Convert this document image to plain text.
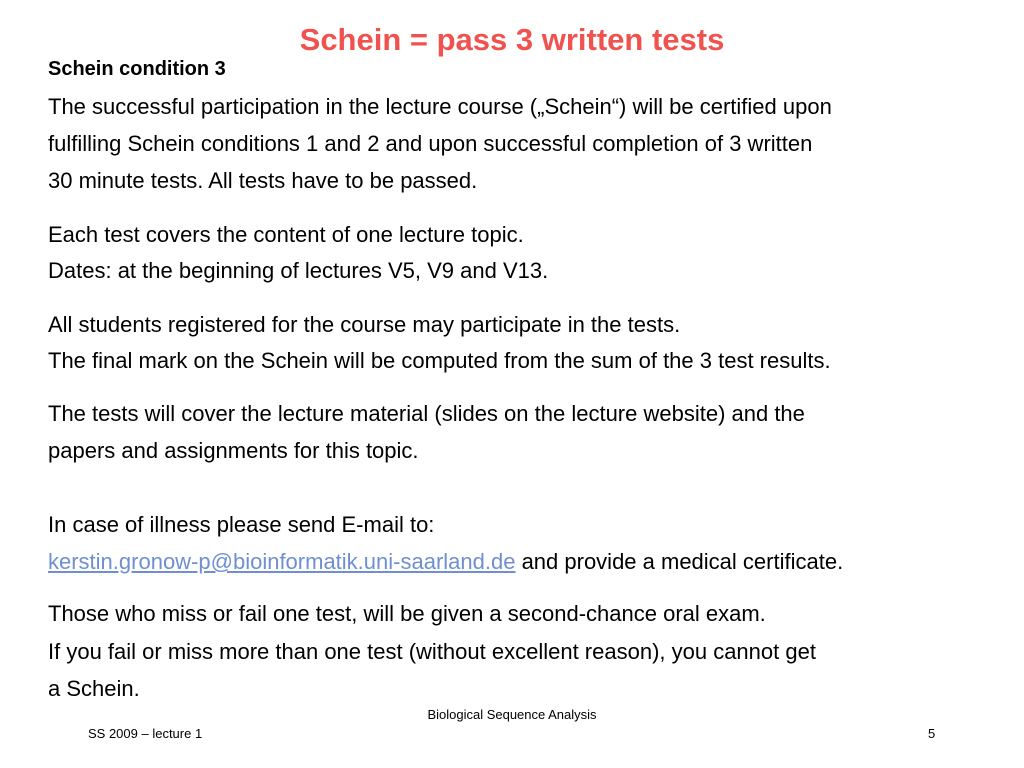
Schein = pass 3 written tests
Schein condition 3
The successful participation in the lecture course („Schein“) will be certified upon
fulfilling Schein conditions 1 and 2 and upon successful completion of 3 written
30 minute tests. All tests have to be passed.
Each test covers the content of one lecture topic.
Dates: at the beginning of lectures V5, V9 and V13.
All students registered for the course may participate in the tests.
The final mark on the Schein will be computed from the sum of the 3 test results.
The tests will cover the lecture material (slides on the lecture website) and the
papers and assignments for this topic.
In case of illness please send E-mail to:
kerstin.gronow-p@bioinformatik.uni-saarland.de and provide a medical certificate.
Those who miss or fail one test, will be given a second-chance oral exam.
If you fail or miss more than one test (without excellent reason), you cannot get
a Schein.
Biological Sequence Analysis
SS 2009 – lecture 1	5
